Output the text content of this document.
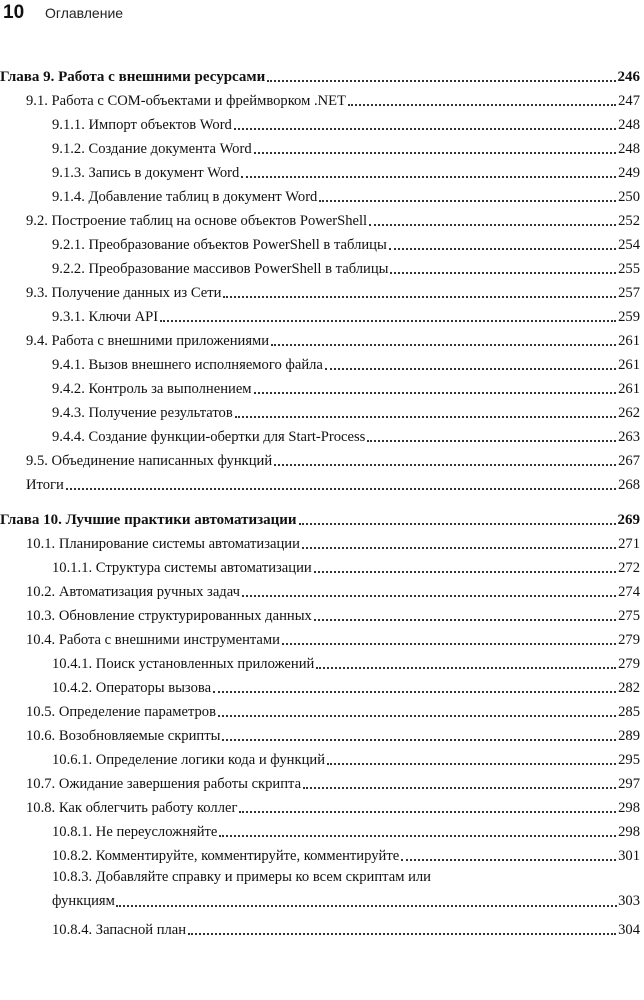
10 Оглавление
Глава 9. Работа с внешними ресурсами	246
9.1. Работа с COM-объектами и фреймворком .NET	247
9.1.1. Импорт объектов Word	248
9.1.2. Создание документа Word	248
9.1.3. Запись в документ Word	249
9.1.4. Добавление таблиц в документ Word	250
9.2. Построение таблиц на основе объектов PowerShell	252
9.2.1. Преобразование объектов PowerShell в таблицы	254
9.2.2. Преобразование массивов PowerShell в таблицы	255
9.3. Получение данных из Сети	257
9.3.1. Ключи API	259
9.4. Работа с внешними приложениями	261
9.4.1. Вызов внешнего исполняемого файла	261
9.4.2. Контроль за выполнением	261
9.4.3. Получение результатов	262
9.4.4. Создание функции-обертки для Start-Process	263
9.5. Объединение написанных функций	267
Итоги	268
Глава 10. Лучшие практики автоматизации	269
10.1. Планирование системы автоматизации	271
10.1.1. Структура системы автоматизации	272
10.2. Автоматизация ручных задач	274
10.3. Обновление структурированных данных	275
10.4. Работа с внешними инструментами	279
10.4.1. Поиск установленных приложений	279
10.4.2. Операторы вызова	282
10.5. Определение параметров	285
10.6. Возобновляемые скрипты	289
10.6.1. Определение логики кода и функций	295
10.7. Ожидание завершения работы скрипта	297
10.8. Как облегчить работу коллег	298
10.8.1. Не переусложняйте	298
10.8.2. Комментируйте, комментируйте, комментируйте	301
10.8.3. Добавляйте справку и примеры ко всем скриптам или
функциям	303
10.8.4. Запасной план	304
